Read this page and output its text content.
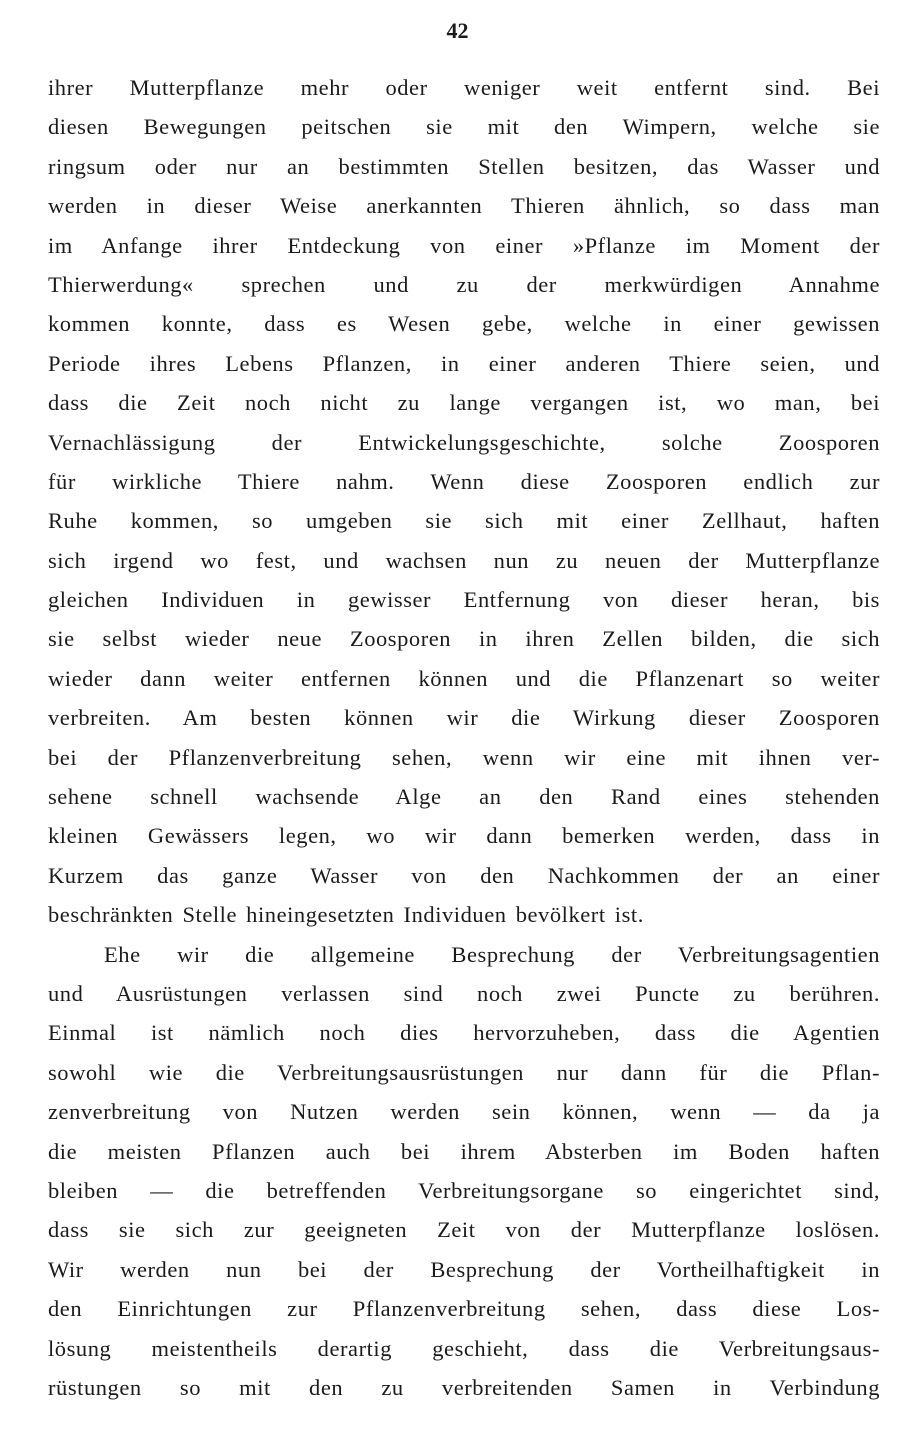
42

ihrer Mutterpflanze mehr oder weniger weit entfernt sind. Bei
diesen Bewegungen peitschen sie mit den Wimpern, welche sie
ringsum oder nur an bestimmten Stellen besitzen, das Wasser und
werden in dieser Weise anerkannten Thieren ähnlich, so dass man
im Anfange ihrer Entdeckung von einer »Pflanze im Moment der
Thierwerdung« sprechen und zu der merkwürdigen Annahme
kommen konnte, dass es Wesen gebe, welche in einer gewissen
Periode ihres Lebens Pflanzen, in einer anderen Thiere seien, und
dass die Zeit noch nicht zu lange vergangen ist, wo man, bei
Vernachlässigung der Entwickelungsgeschichte, solche Zoosporen
für wirkliche Thiere nahm. Wenn diese Zoosporen endlich zur
Ruhe kommen, so umgeben sie sich mit einer Zellhaut, haften
sich irgend wo fest, und wachsen nun zu neuen der Mutterpflanze
gleichen Individuen in gewisser Entfernung von dieser heran, bis
sie selbst wieder neue Zoosporen in ihren Zellen bilden, die sich
wieder dann weiter entfernen können und die Pflanzenart so weiter
verbreiten. Am besten können wir die Wirkung dieser Zoosporen
bei der Pflanzenverbreitung sehen, wenn wir eine mit ihnen ver-
sehene schnell wachsende Alge an den Rand eines stehenden
kleinen Gewässers legen, wo wir dann bemerken werden, dass in
Kurzem das ganze Wasser von den Nachkommen der an einer
beschränkten Stelle hineingesetzten Individuen bevölkert ist.

Ehe wir die allgemeine Besprechung der Verbreitungsagentien
und Ausrüstungen verlassen sind noch zwei Puncte zu berühren.
Einmal ist nämlich noch dies hervorzuheben, dass die Agentien
sowohl wie die Verbreitungsausrüstungen nur dann für die Pflan-
zenverbreitung von Nutzen werden sein können, wenn — da ja
die meisten Pflanzen auch bei ihrem Absterben im Boden haften
bleiben — die betreffenden Verbreitungsorgane so eingerichtet sind,
dass sie sich zur geeigneten Zeit von der Mutterpflanze loslösen.
Wir werden nun bei der Besprechung der Vortheilhaftigkeit in
den Einrichtungen zur Pflanzenverbreitung sehen, dass diese Los-
lösung meistentheils derartig geschieht, dass die Verbreitungsaus-
rüstungen so mit den zu verbreitenden Samen in Verbindung
